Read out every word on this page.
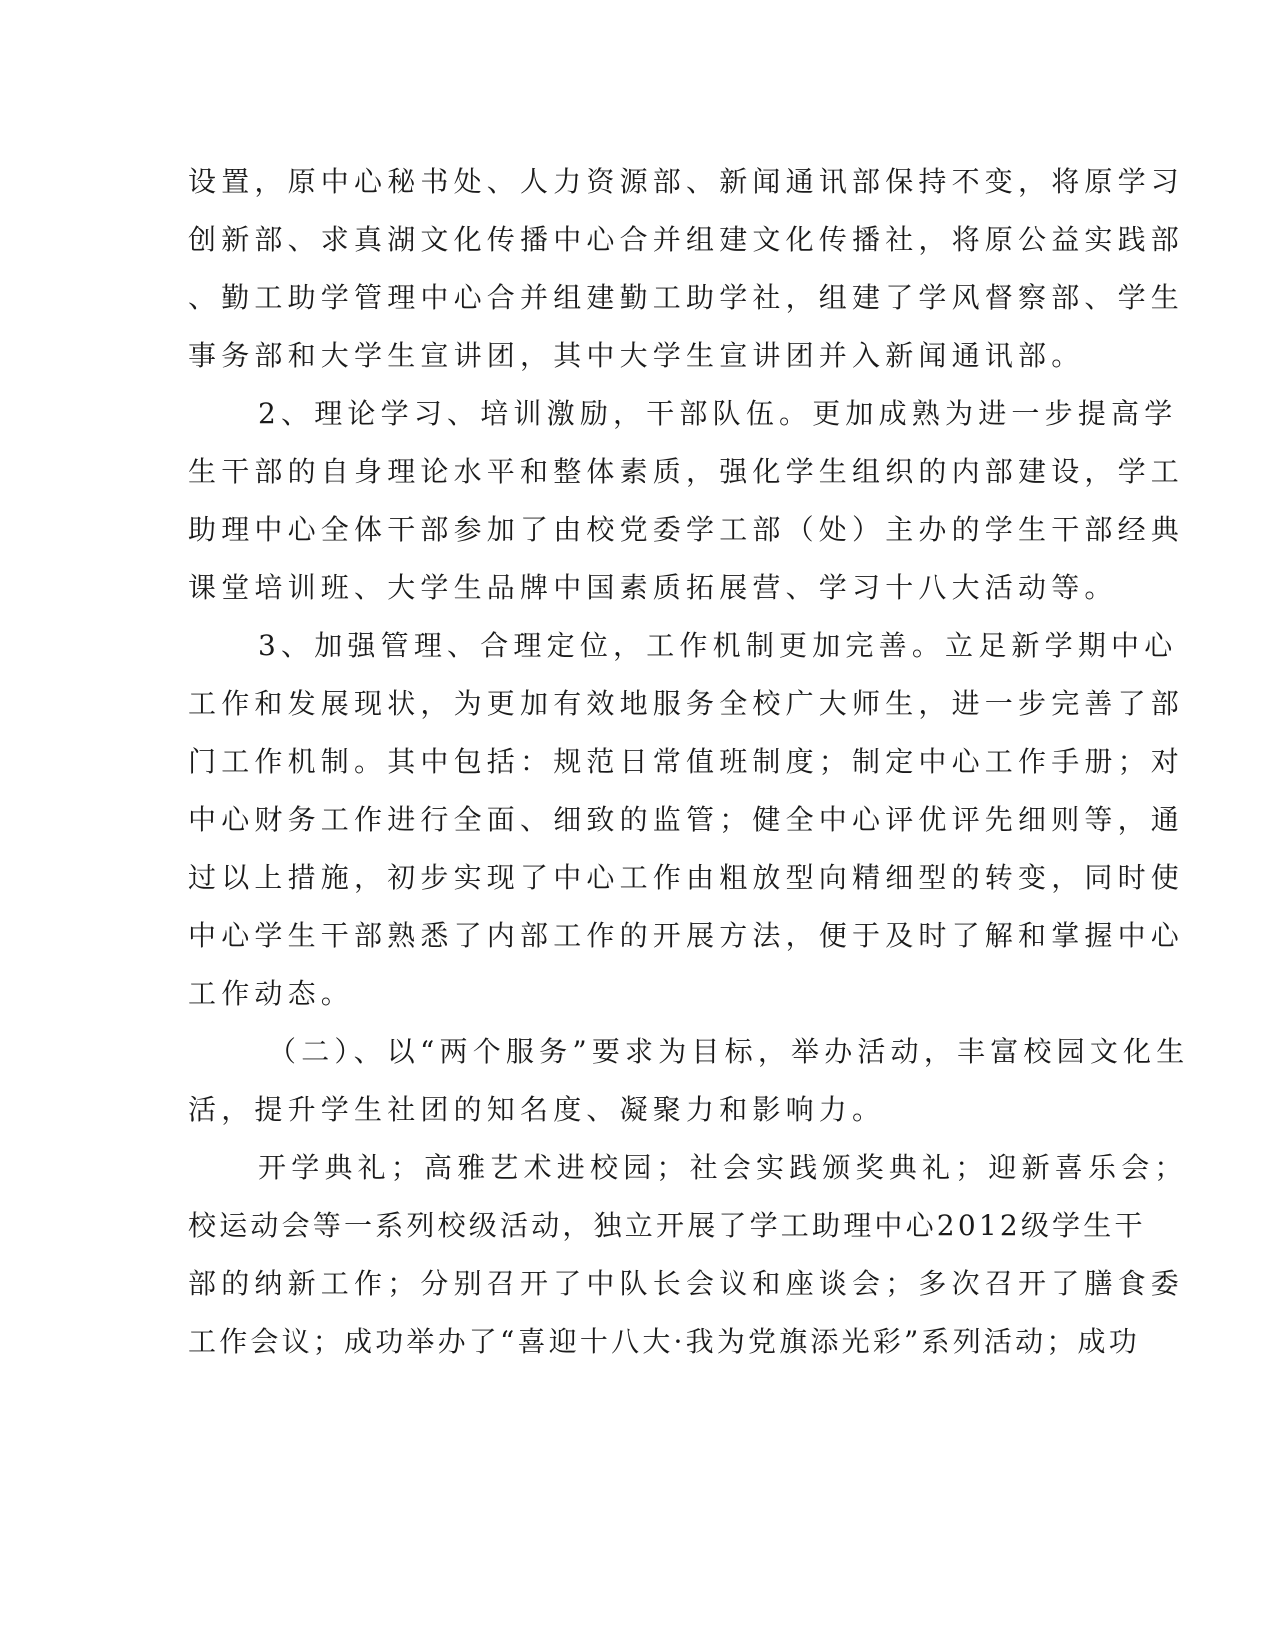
设置，原中心秘书处、人力资源部、新闻通讯部保持不变，将原学习
创新部、求真湖文化传播中心合并组建文化传播社，将原公益实践部
、勤工助学管理中心合并组建勤工助学社，组建了学风督察部、学生
事务部和大学生宣讲团，其中大学生宣讲团并入新闻通讯部。
2、理论学习、培训激励，干部队伍。更加成熟为进一步提高学
生干部的自身理论水平和整体素质，强化学生组织的内部建设，学工
助理中心全体干部参加了由校党委学工部（处）主办的学生干部经典
课堂培训班、大学生品牌中国素质拓展营、学习十八大活动等。
3、加强管理、合理定位，工作机制更加完善。立足新学期中心
工作和发展现状，为更加有效地服务全校广大师生，进一步完善了部
门工作机制。其中包括：规范日常值班制度；制定中心工作手册；对
中心财务工作进行全面、细致的监管；健全中心评优评先细则等，通
过以上措施，初步实现了中心工作由粗放型向精细型的转变，同时使
中心学生干部熟悉了内部工作的开展方法，便于及时了解和掌握中心
工作动态。
（二）、以“两个服务”要求为目标，举办活动，丰富校园文化生
活，提升学生社团的知名度、凝聚力和影响力。
开学典礼；高雅艺术进校园；社会实践颁奖典礼；迎新喜乐会；
校运动会等一系列校级活动，独立开展了学工助理中心2012级学生干
部的纳新工作；分别召开了中队长会议和座谈会；多次召开了膳食委
工作会议；成功举办了“喜迎十八大·我为党旗添光彩”系列活动；成功
